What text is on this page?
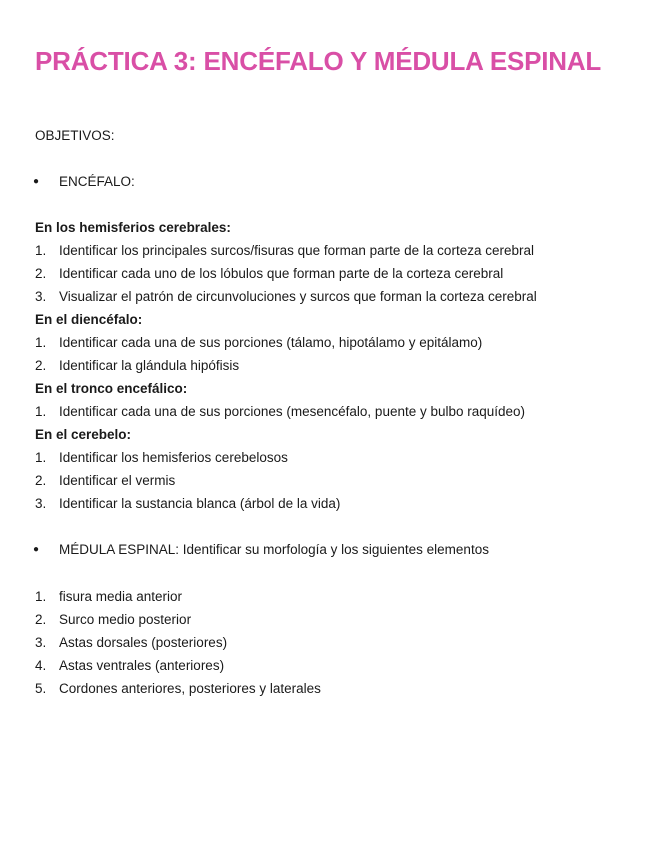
PRÁCTICA 3: ENCÉFALO Y MÉDULA ESPINAL
OBJETIVOS:
● ENCÉFALO:
En los hemisferios cerebrales:
1. Identificar los principales surcos/fisuras que forman parte de la corteza cerebral
2. Identificar cada uno de los lóbulos que forman parte de la corteza cerebral
3. Visualizar el patrón de circunvoluciones y surcos que forman la corteza cerebral
En el diencéfalo:
1. Identificar cada una de sus porciones (tálamo, hipotálamo y epitálamo)
2. Identificar la glándula hipófisis
En el tronco encefálico:
1. Identificar cada una de sus porciones (mesencéfalo, puente y bulbo raquídeo)
En el cerebelo:
1. Identificar los hemisferios cerebelosos
2. Identificar el vermis
3. Identificar la sustancia blanca (árbol de la vida)
● MÉDULA ESPINAL: Identificar su morfología y los siguientes elementos
1. fisura media anterior
2. Surco medio posterior
3. Astas dorsales (posteriores)
4. Astas ventrales (anteriores)
5. Cordones anteriores, posteriores y laterales
